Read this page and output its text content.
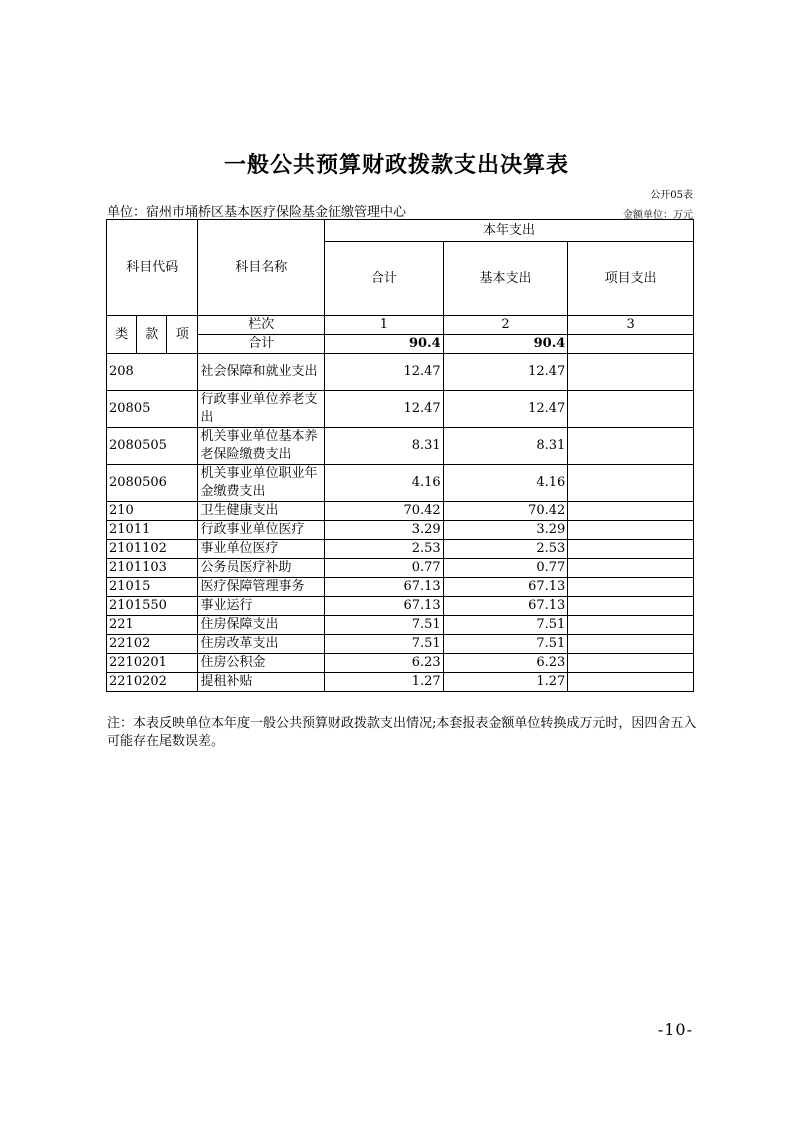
一般公共预算财政拨款支出决算表
公开05表
单位：宿州市埇桥区基本医疗保险基金征缴管理中心	金额单位：万元
科目代码			科目名称	本年支出		
				合计	基本支出	项目支出
类	款	项	栏次	1	2	3
			合计	90.4	90.4	
208			社会保障和就业支出	12.47	12.47	
20805			行政事业单位养老支出	12.47	12.47	
2080505			机关事业单位基本养老保险缴费支出	8.31	8.31	
2080506			机关事业单位职业年金缴费支出	4.16	4.16	
210			卫生健康支出	70.42	70.42	
21011			行政事业单位医疗	3.29	3.29	
2101102			事业单位医疗	2.53	2.53	
2101103			公务员医疗补助	0.77	0.77	
21015			医疗保障管理事务	67.13	67.13	
2101550			事业运行	67.13	67.13	
221			住房保障支出	7.51	7.51	
22102			住房改革支出	7.51	7.51	
2210201			住房公积金	6.23	6.23	
2210202			提租补贴	1.27	1.27	
注：本表反映单位本年度一般公共预算财政拨款支出情况;本套报表金额单位转换成万元时，因四舍五入可能存在尾数误差。
-10-
